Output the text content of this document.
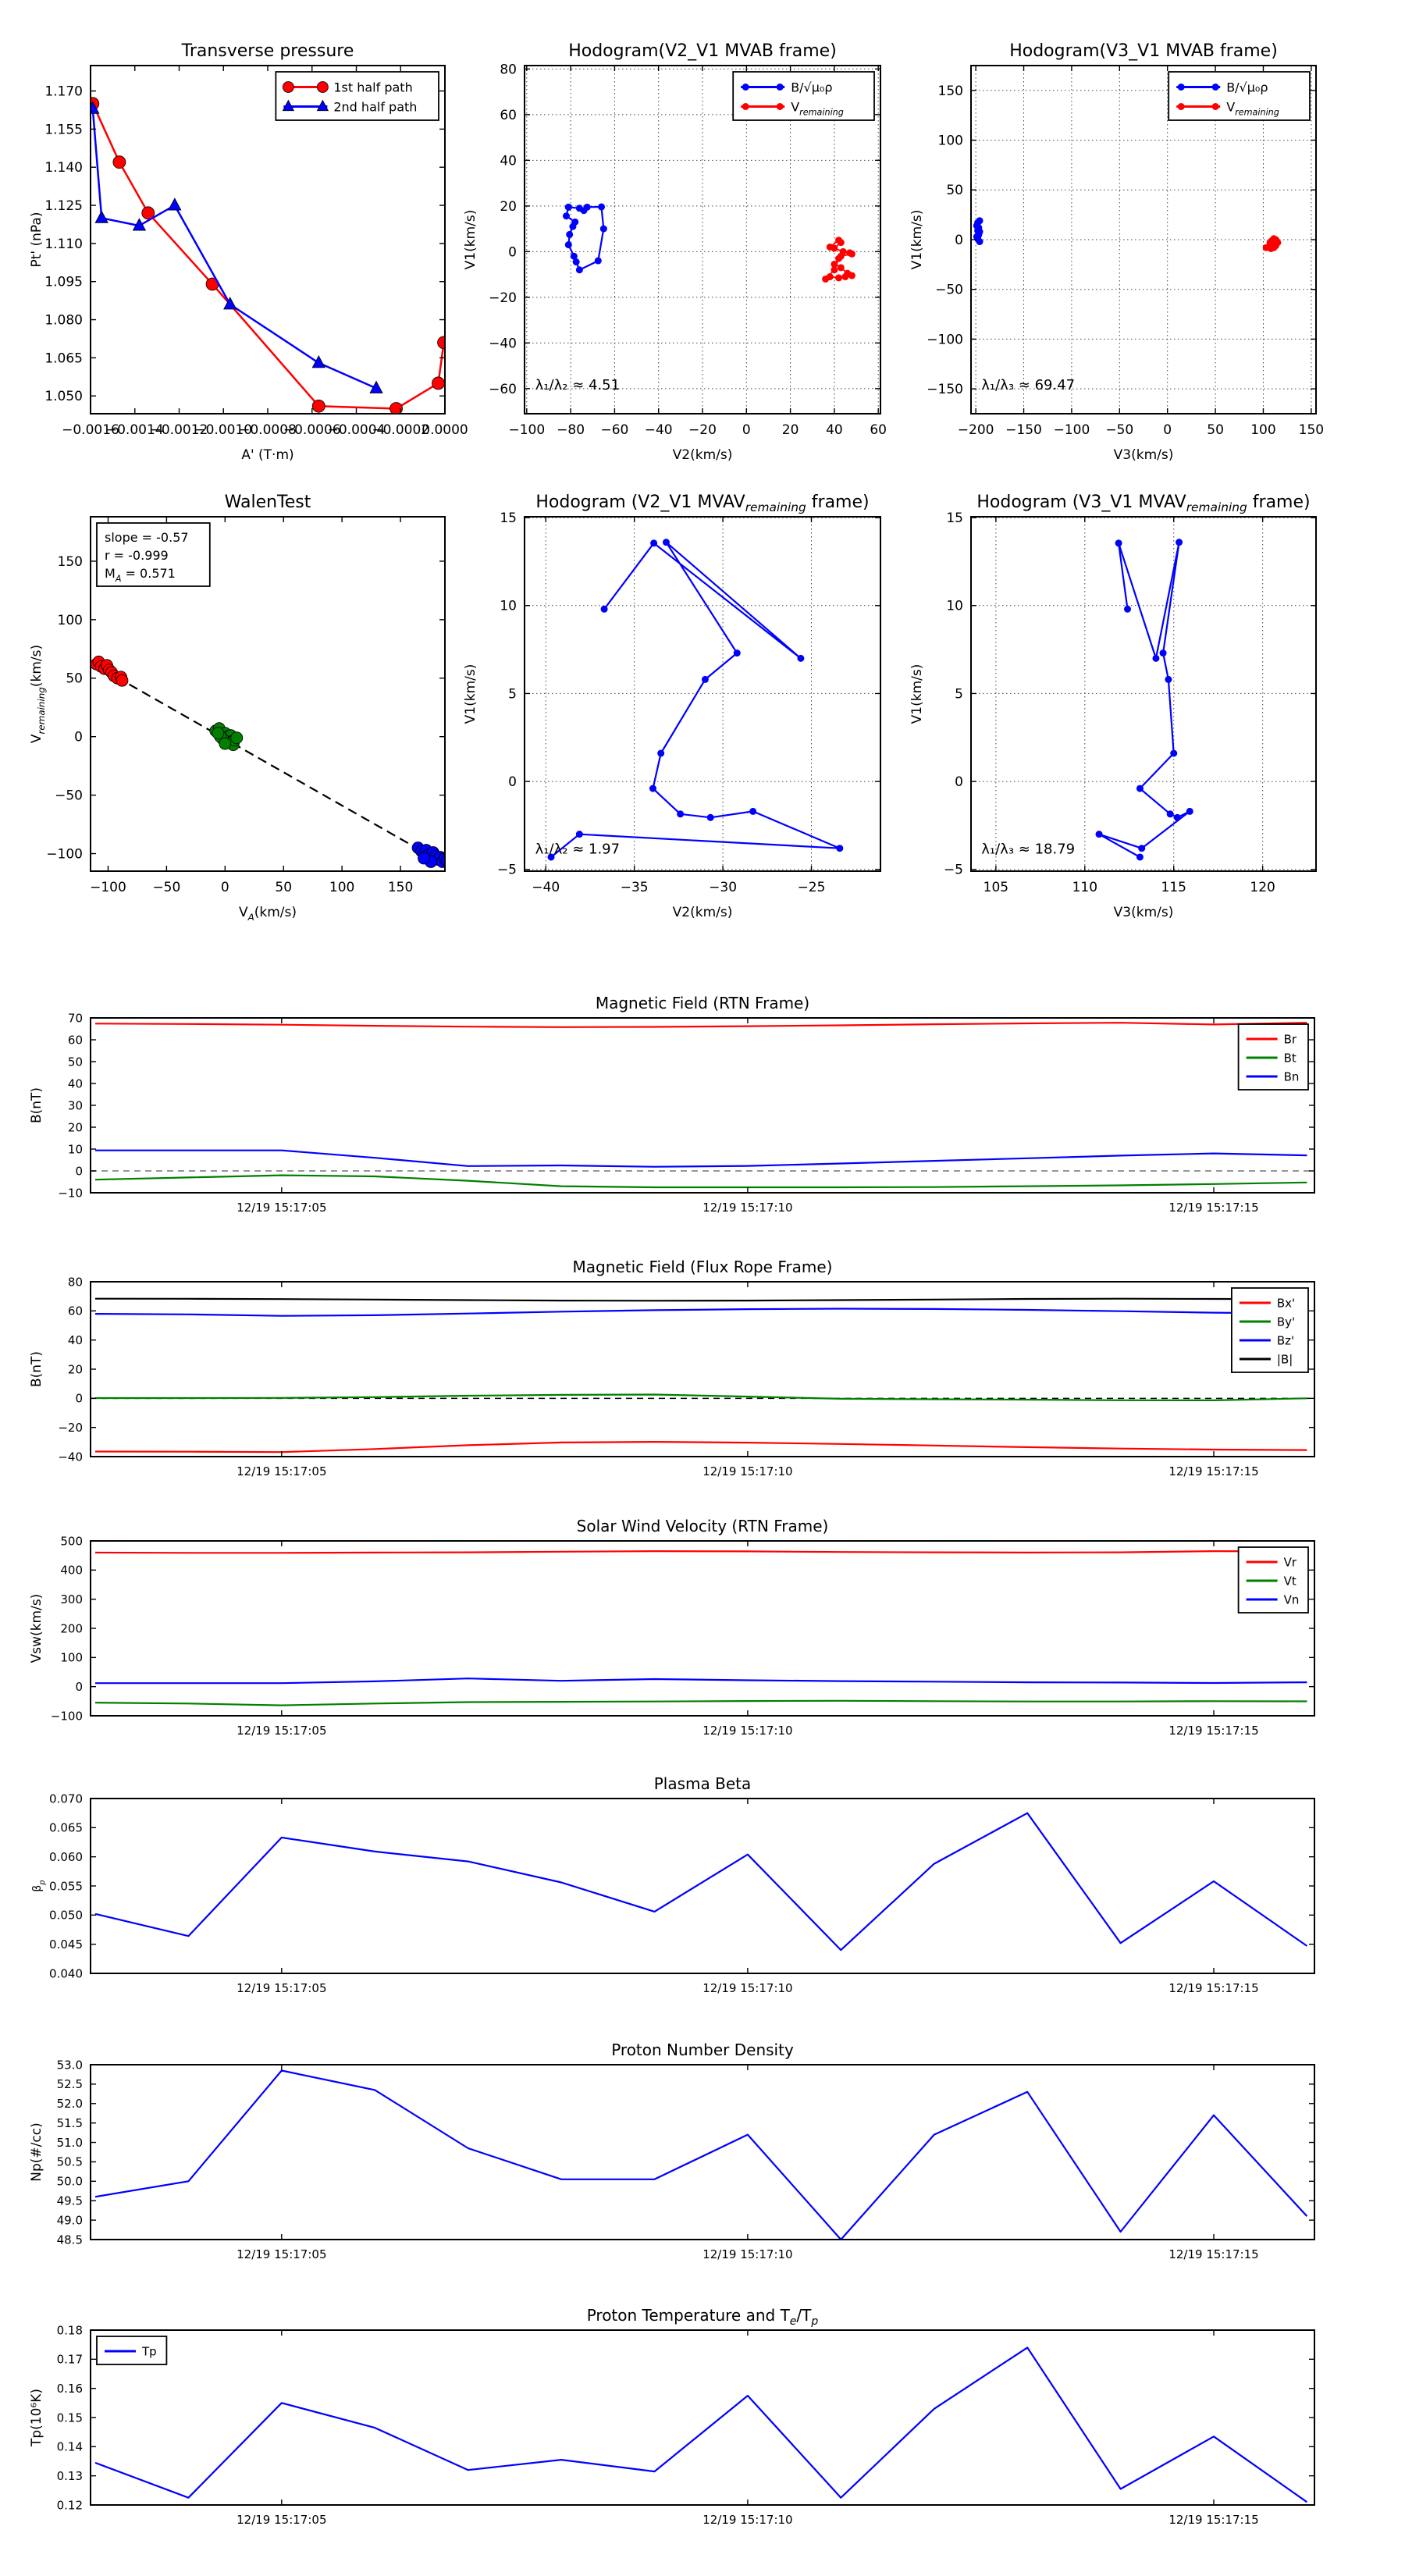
−0.0016
−0.0014
−0.0012
−0.0010
−0.0008
−0.0006
−0.0004
−0.0002
0.0000
1.050
1.065
1.080
1.095
1.110
1.125
1.140
1.155
1.170
Transverse pressure
A' (T·m)
Pt' (nPa)
1st half path
2nd half path
−100 −80 −60 −40 −20 0 20 40 60
−60
−40
−20
0
20
40
60
80
Hodogram(V2_V1 MVAB frame)
V2(km/s)
V1(km/s)
B/√μ₀ρ
$V_{remaining}$
λ₁/λ₂ ≈ 4.51
−200 −150 −100 −50 0	50 100 150
−150
−100
−50
0
50
100
150
Hodogram(V3_V1 MVAB frame)
V3(km/s)
V1(km/s)
B/√μ₀ρ
$V_{remaining}$
λ₁/λ₃ ≈ 69.47
−100 −50	0	50	100 150
−100
−50
0
50
100
150
WalenTest
$V_A(km/s)$
$V_{remaining}(km/s)$
slope = -0.57
r = -0.999
$M_A = 0.571$
−40	−35	−30	−25
−5
0
5
10
15
Hodogram (V2_V1 $MVAV_{remaining}$ frame)
V2(km/s)
V1(km/s)
λ₁/λ₂ ≈ 1.97
105	110	115	120
−5
0
5
10
15
Hodogram (V3_V1 $MVAV_{remaining}$ frame)
V3(km/s)
V1(km/s)
λ₁/λ₃ ≈ 18.79
12/19 15:17:05	12/19 15:17:10	12/19 15:17:15
−10
0
10
20
30
40
50
60
70
Magnetic Field (RTN Frame)
B(nT)
Br
Bt
Bn
12/19 15:17:05	12/19 15:17:10	12/19 15:17:15
−40
−20
0
20
40
60
80
Magnetic Field (Flux Rope Frame)
B(nT)
Bx'
By'
Bz'
|B|
12/19 15:17:05	12/19 15:17:10	12/19 15:17:15
−100
0
100
200
300
400
500
Solar Wind Velocity (RTN Frame)
Vsw(km/s)
Vr
Vt
Vn
12/19 15:17:05	12/19 15:17:10	12/19 15:17:15
0.040
0.045
0.050
0.055
0.060
0.065
0.070
Plasma Beta
$\beta_p$
12/19 15:17:05	12/19 15:17:10	12/19 15:17:15
48.5
49.0
49.5
50.0
50.5
51.0
51.5
52.0
52.5
53.0
Proton Number Density
Np(#/cc)
12/19 15:17:05	12/19 15:17:10	12/19 15:17:15
0.12
0.13
0.14
0.15
0.16
0.17
0.18
Proton Temperature and $T_e/T_p$
Tp(10⁶K)
Tp
